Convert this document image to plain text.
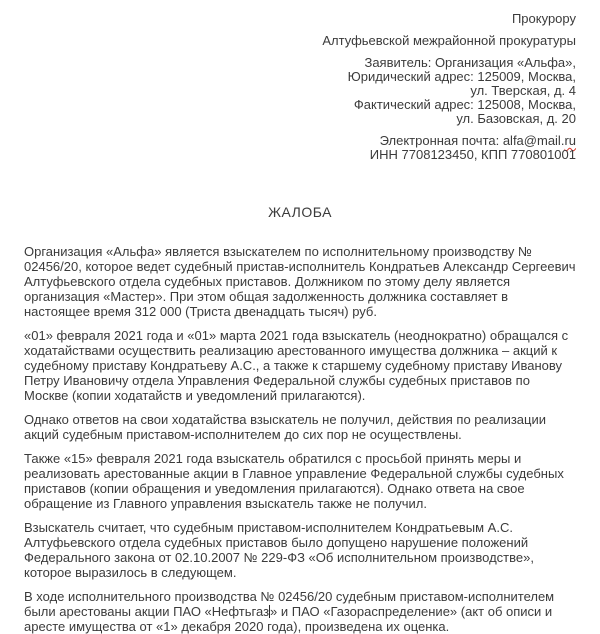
Прокурору
Алтуфьевской межрайонной прокуратуры
Заявитель: Организация «Альфа»,
Юридический адрес: 125009, Москва,
ул. Тверская, д. 4
Фактический адрес: 125008, Москва,
ул. Базовская, д. 20
Электронная почта: alfa@mail.ru
ИНН 7708123450, КПП 770801001
ЖАЛОБА

Организация «Альфа» является взыскателем по исполнительному производству № 02456/20, которое ведет судебный пристав-исполнитель Кондратьев Александр Сергеевич Алтуфьевского отдела судебных приставов. Должником по этому делу является организация «Мастер». При этом общая задолженность должника составляет в настоящее время 312 000 (Триста двенадцать тысяч) руб.

«01» февраля 2021 года и «01» марта 2021 года взыскатель (неоднократно) обращался с ходатайствами осуществить реализацию арестованного имущества должника – акций к судебному приставу Кондратьеву А.С., а также к старшему судебному приставу Иванову Петру Ивановичу отдела Управления Федеральной службы судебных приставов по Москве (копии ходатайств и уведомлений прилагаются).

Однако ответов на свои ходатайства взыскатель не получил, действия по реализации акций судебным приставом-исполнителем до сих пор не осуществлены.

Также «15» февраля 2021 года взыскатель обратился с просьбой принять меры и реализовать арестованные акции в Главное управление Федеральной службы судебных приставов (копии обращения и уведомления прилагаются). Однако ответа на свое обращение из Главного управления взыскатель также не получил.

Взыскатель считает, что судебным приставом-исполнителем Кондратьевым А.С. Алтуфьевского отдела судебных приставов было допущено нарушение положений Федерального закона от 02.10.2007 № 229-ФЗ «Об исполнительном производстве», которое выразилось в следующем.

В ходе исполнительного производства № 02456/20 судебным приставом-исполнителем были арестованы акции ПАО «Нефтьгаз» и ПАО «Газораспределение» (акт об описи и аресте имущества от «1» декабря 2020 года), произведена их оценка.
